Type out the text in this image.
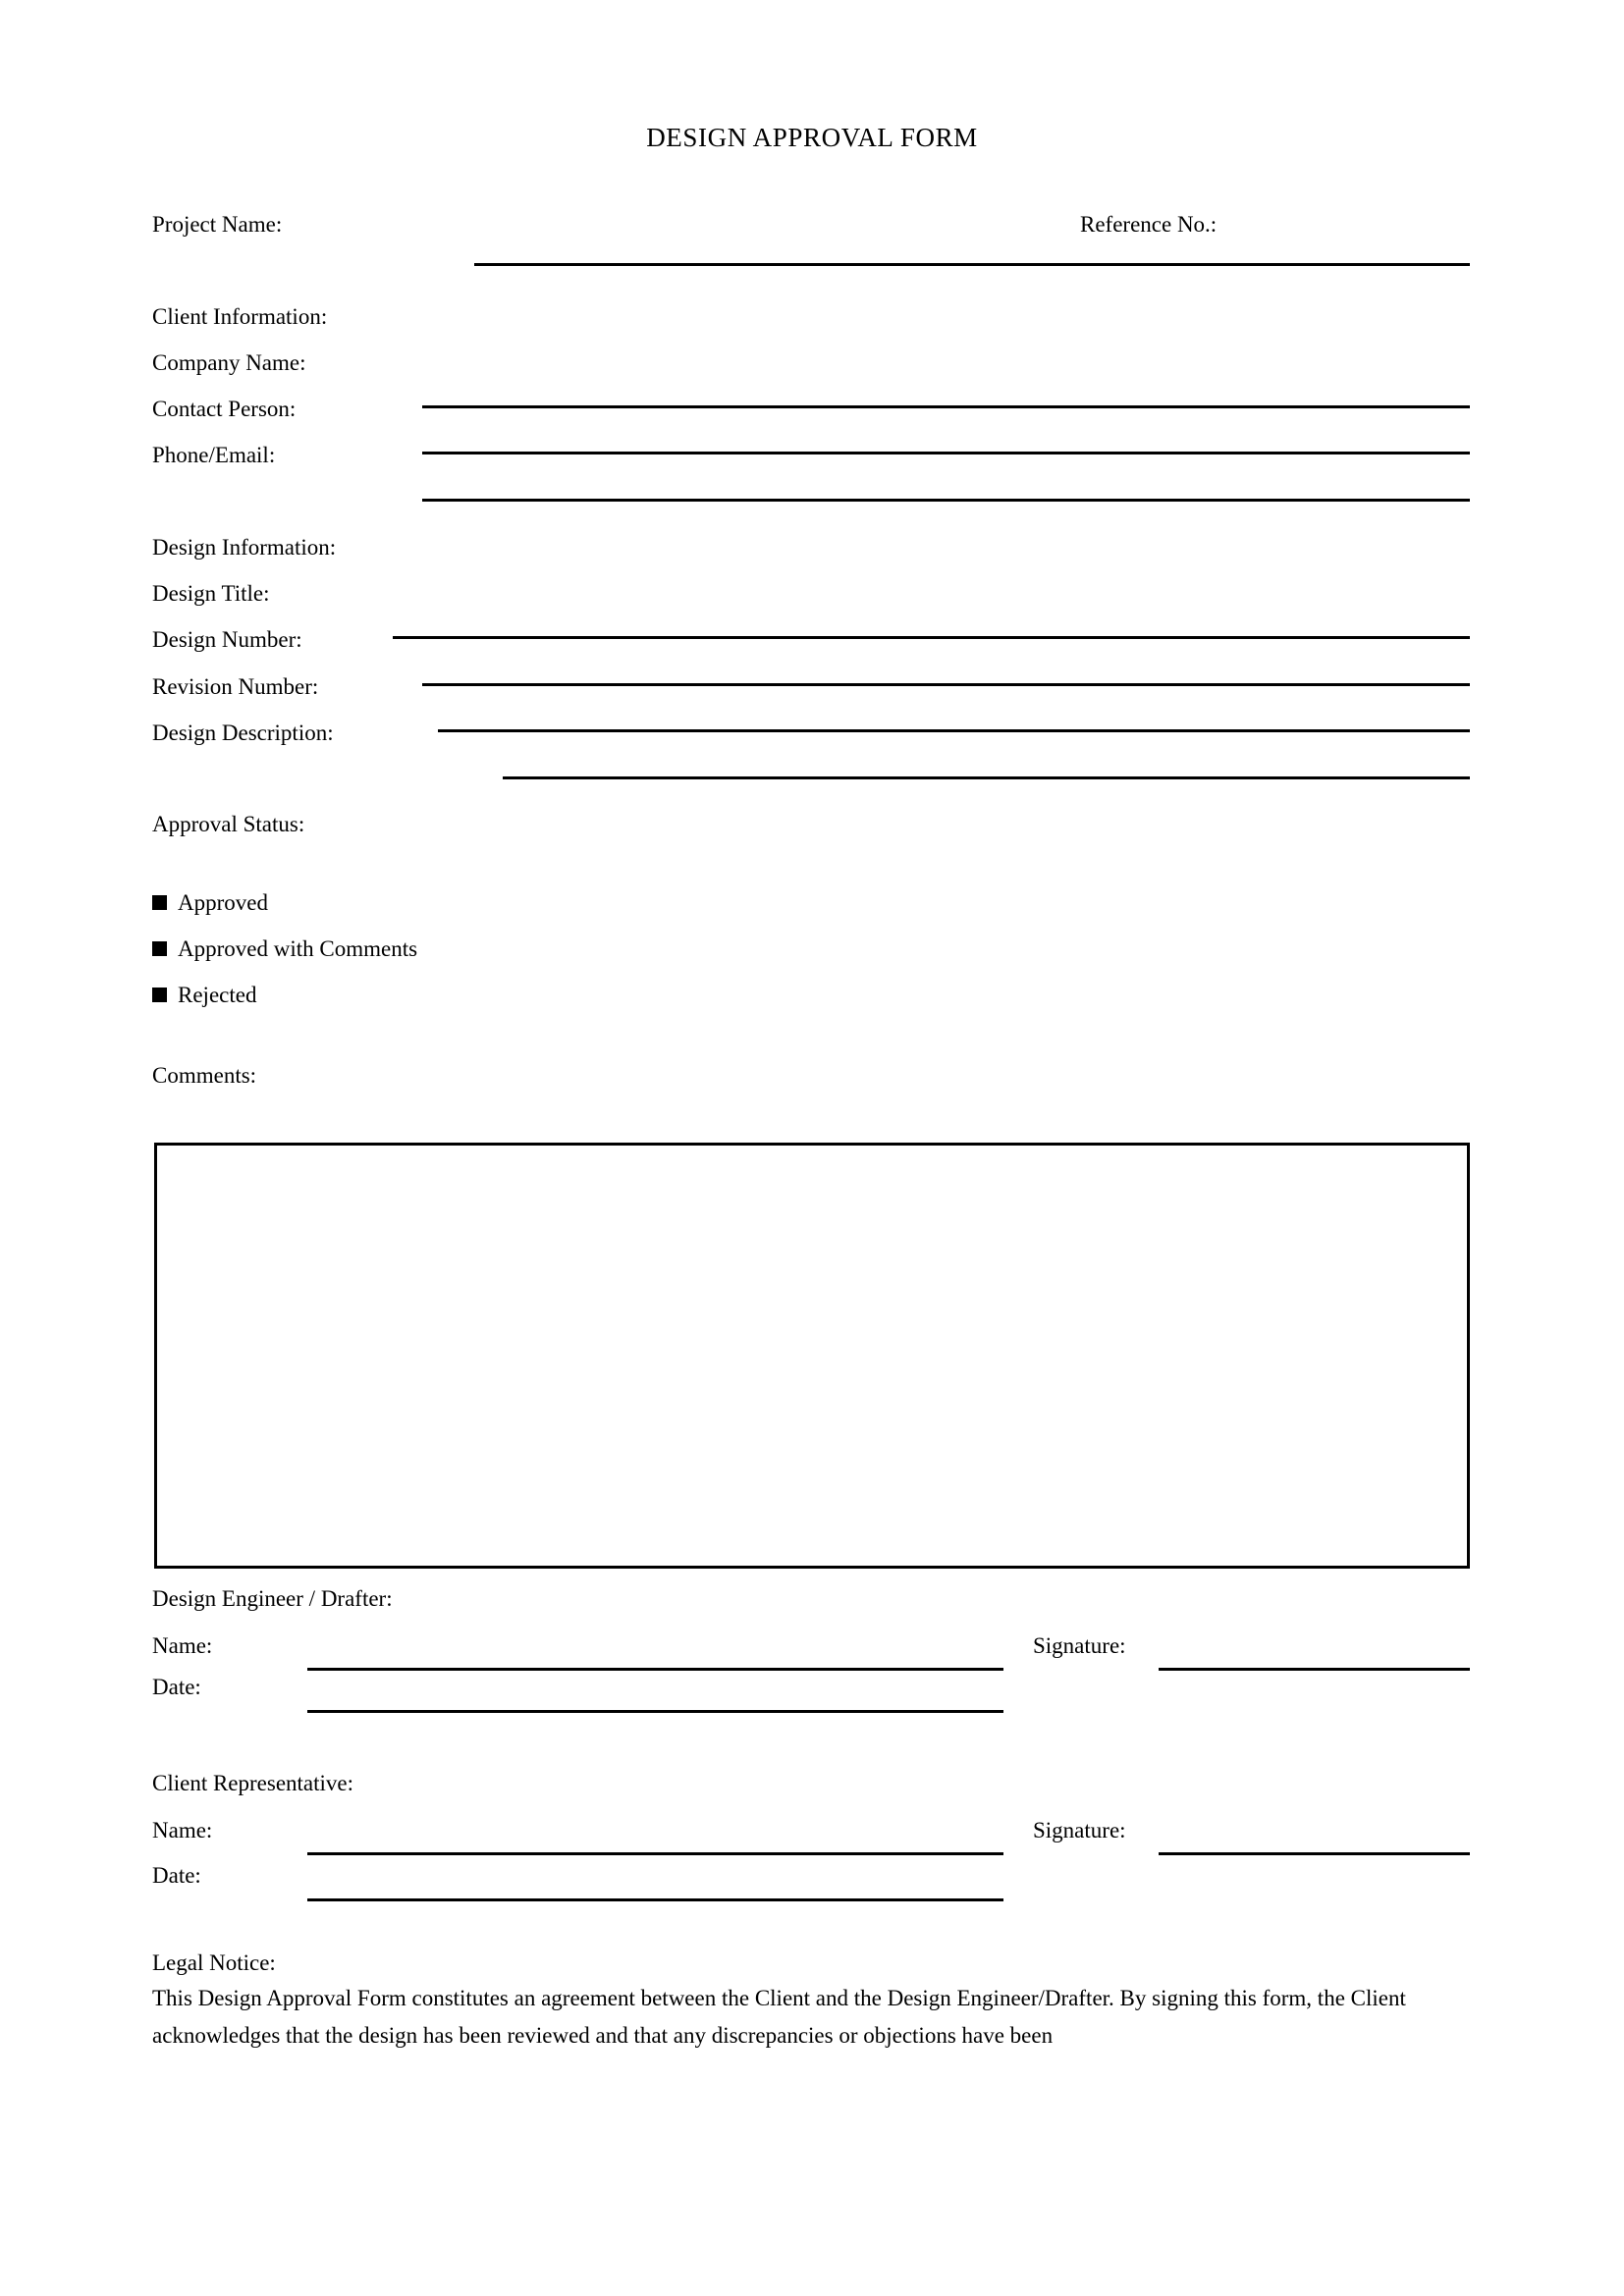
DESIGN APPROVAL FORM
Project Name:	Reference No.:
Client Information:
Company Name:
Contact Person:
Phone/Email:
Design Information:
Design Title:
Design Number:
Revision Number:
Design Description:
Approval Status:
Approved
Approved with Comments
Rejected
Comments:
Design Engineer / Drafter:
Name:	Signature:
Date:
Client Representative:
Name:	Signature:
Date:
Legal Notice:
This Design Approval Form constitutes an agreement between the Client and the Design Engineer/Drafter. By signing this form, the Client acknowledges that the design has been reviewed and that any discrepancies or objections have been
